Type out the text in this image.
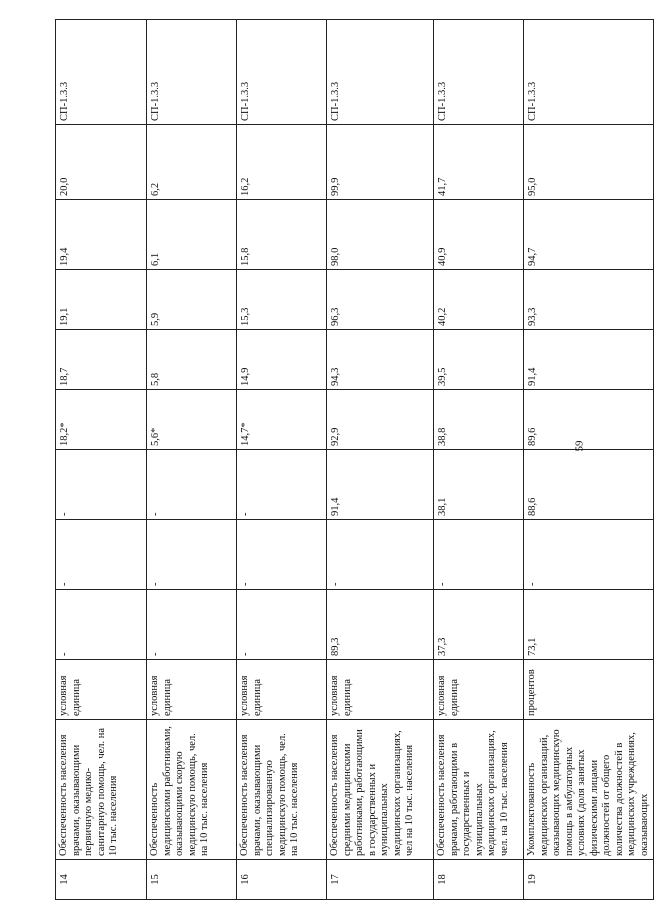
14	Обеспеченность населения врачами, оказывающими первичную медико-санитарную помощь, чел. на 10 тыс. населения	условная единица	-	-	-	18,2*	18,7	19,1	19,4	20,0	СП-1.3.3
15	Обеспеченность медицинскими работниками, оказывающими скорую медицинскую помощь, чел. на 10 тыс. населения	условная единица	-	-	-	5,6*	5,8	5,9	6,1	6,2	СП-1.3.3
16	Обеспеченность населения врачами, оказывающими специализированную медицинскую помощь, чел. на 10 тыс. населения	условная единица	-	-	-	14,7*	14,9	15,3	15,8	16,2	СП-1.3.3
17	Обеспеченность населения средними медицинскими работниками, работающими в государственных и муниципальных медицинских организациях, чел на 10 тыс. населения	условная единица	89,3	-	91,4	92,9	94,3	96,3	98,0	99,9	СП-1.3.3
18	Обеспеченность населения врачами, работающими в государственных и муниципальных медицинских организациях, чел. на 10 тыс. населения	условная единица	37,3	-	38,1	38,8	39,5	40,2	40,9	41,7	СП-1.3.3
19	Укомплектованность медицинских организаций, оказывающих медицинскую помощь в амбулаторных условиях (доля занятых физическими лицами должностей от общего количества должностей в медицинских учреждениях, оказывающих	процентов	73,1	-	88,6	89,6	91,4	93,3	94,7	95,0	СП-1.3.3
59
